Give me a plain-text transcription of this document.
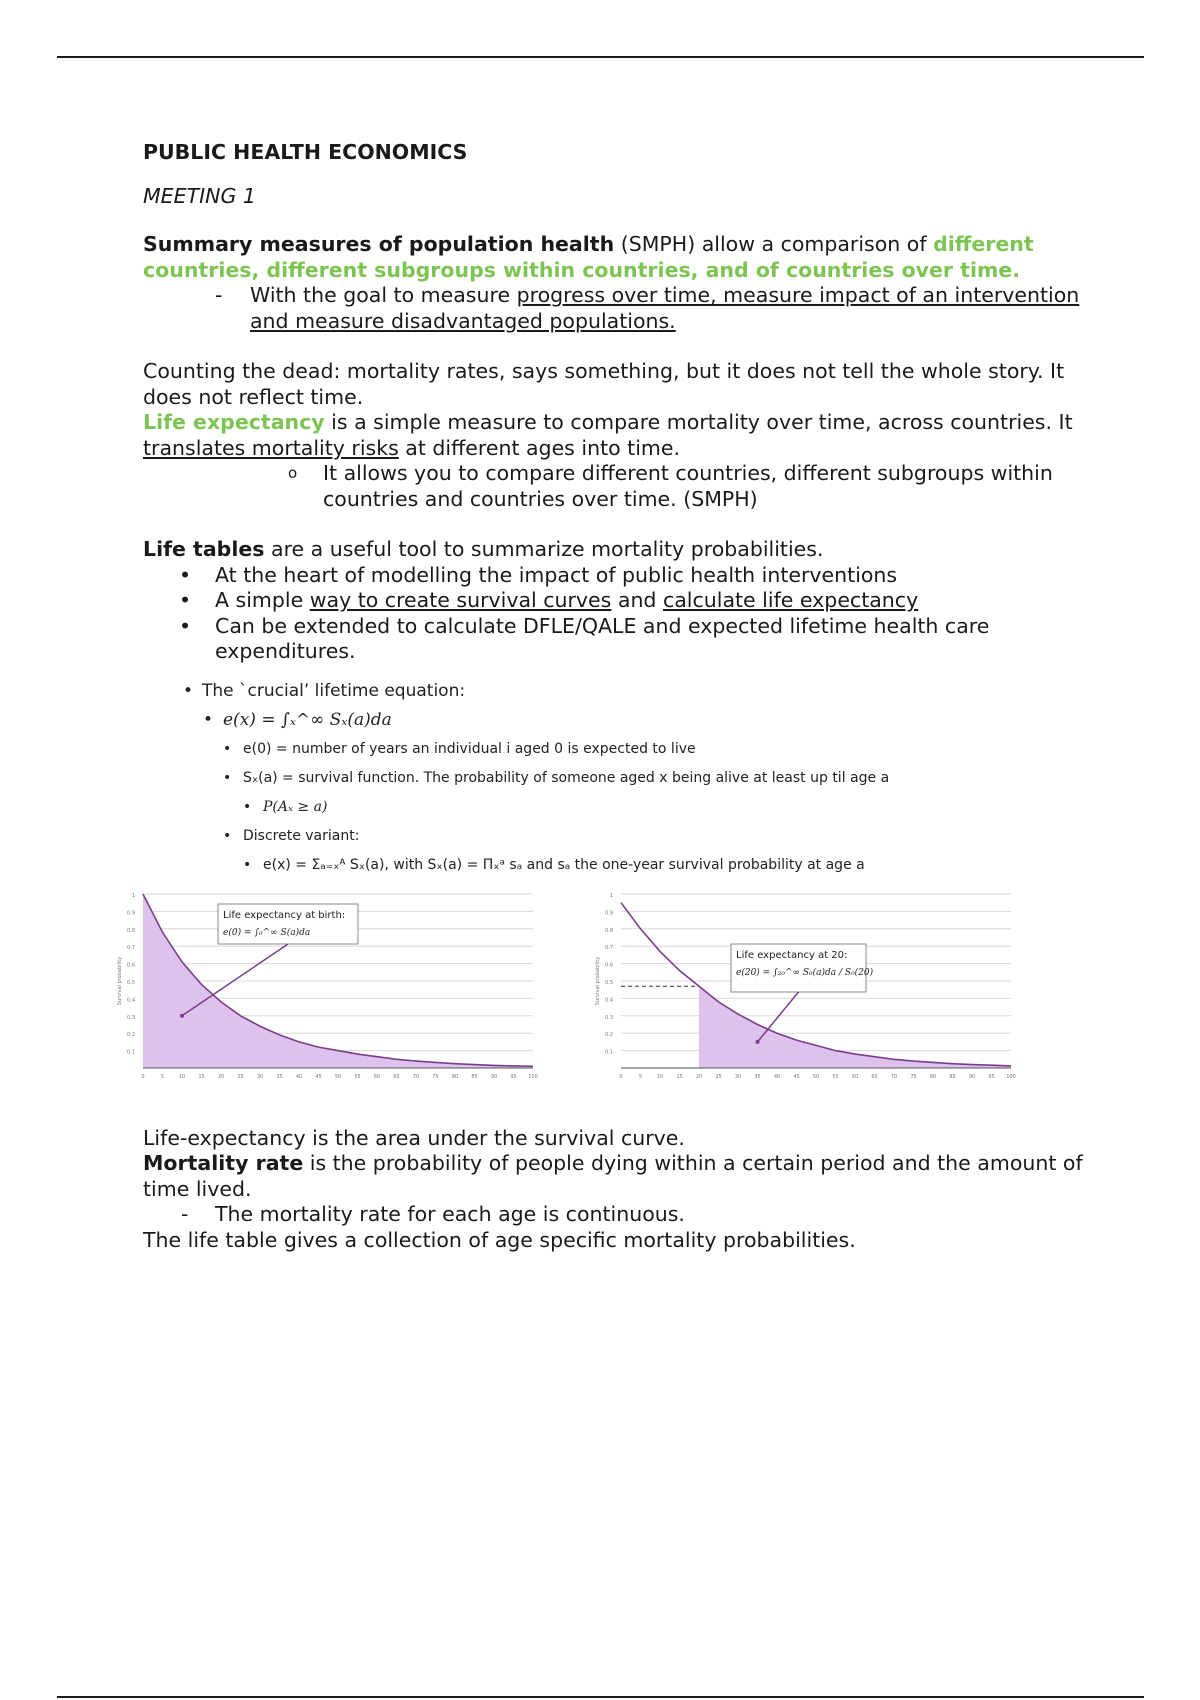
PUBLIC HEALTH ECONOMICS
MEETING 1

Summary measures of population health (SMPH) allow a comparison of different countries, different subgroups within countries, and of countries over time.

- With the goal to measure progress over time, measure impact of an intervention and measure disadvantaged populations.

Counting the dead: mortality rates, says something, but it does not tell the whole story. It does not reflect time.

Life expectancy is a simple measure to compare mortality over time, across countries. It translates mortality risks at different ages into time.

o It allows you to compare different countries, different subgroups within countries and countries over time. (SMPH)

Life tables are a useful tool to summarize mortality probabilities.

• At the heart of modelling the impact of public health interventions
• A simple way to create survival curves and calculate life expectancy
• Can be extended to calculate DFLE/QALE and expected lifetime health care expenditures.
• The `crucial’ lifetime equation:
• e(x) = ∫ₓ^∞ Sₓ(a)da
• e(0) = number of years an individual i aged 0 is expected to live
• Sₓ(a) = survival function. The probability of someone aged x being alive at least up til age a
• P(Aₓ ≥ a)
• Discrete variant:
• e(x) = Σₐ₌ₓᴬ Sₓ(a), with Sₓ(a) = Πₓᵃ sₐ and sₐ the one-year survival probability at age a
0.1
0.2
0.3
0.4
0.5
0.6
0.7
0.8
0.9
1
Survival probability
0	5	10	15	20	25	30	35	40	45	50	55	60	65	70	75	80	85	90	95 100
Life expectancy at birth:
e(0) = ∫₀^∞ S(a)da
0.1
0.2
0.3
0.4
0.5
0.6
0.7
0.8
0.9
1
Survival probability
0	5	10	15	20	25	30	35	40	45	50	55	60	65	70	75	80	85	90	95 100
Life expectancy at 20:
e(20) = ∫₂₀^∞ S₀(a)da / S₀(20)

Life-expectancy is the area under the survival curve.

Mortality rate is the probability of people dying within a certain period and the amount of time lived.

- The mortality rate for each age is continuous.

The life table gives a collection of age specific mortality probabilities.
